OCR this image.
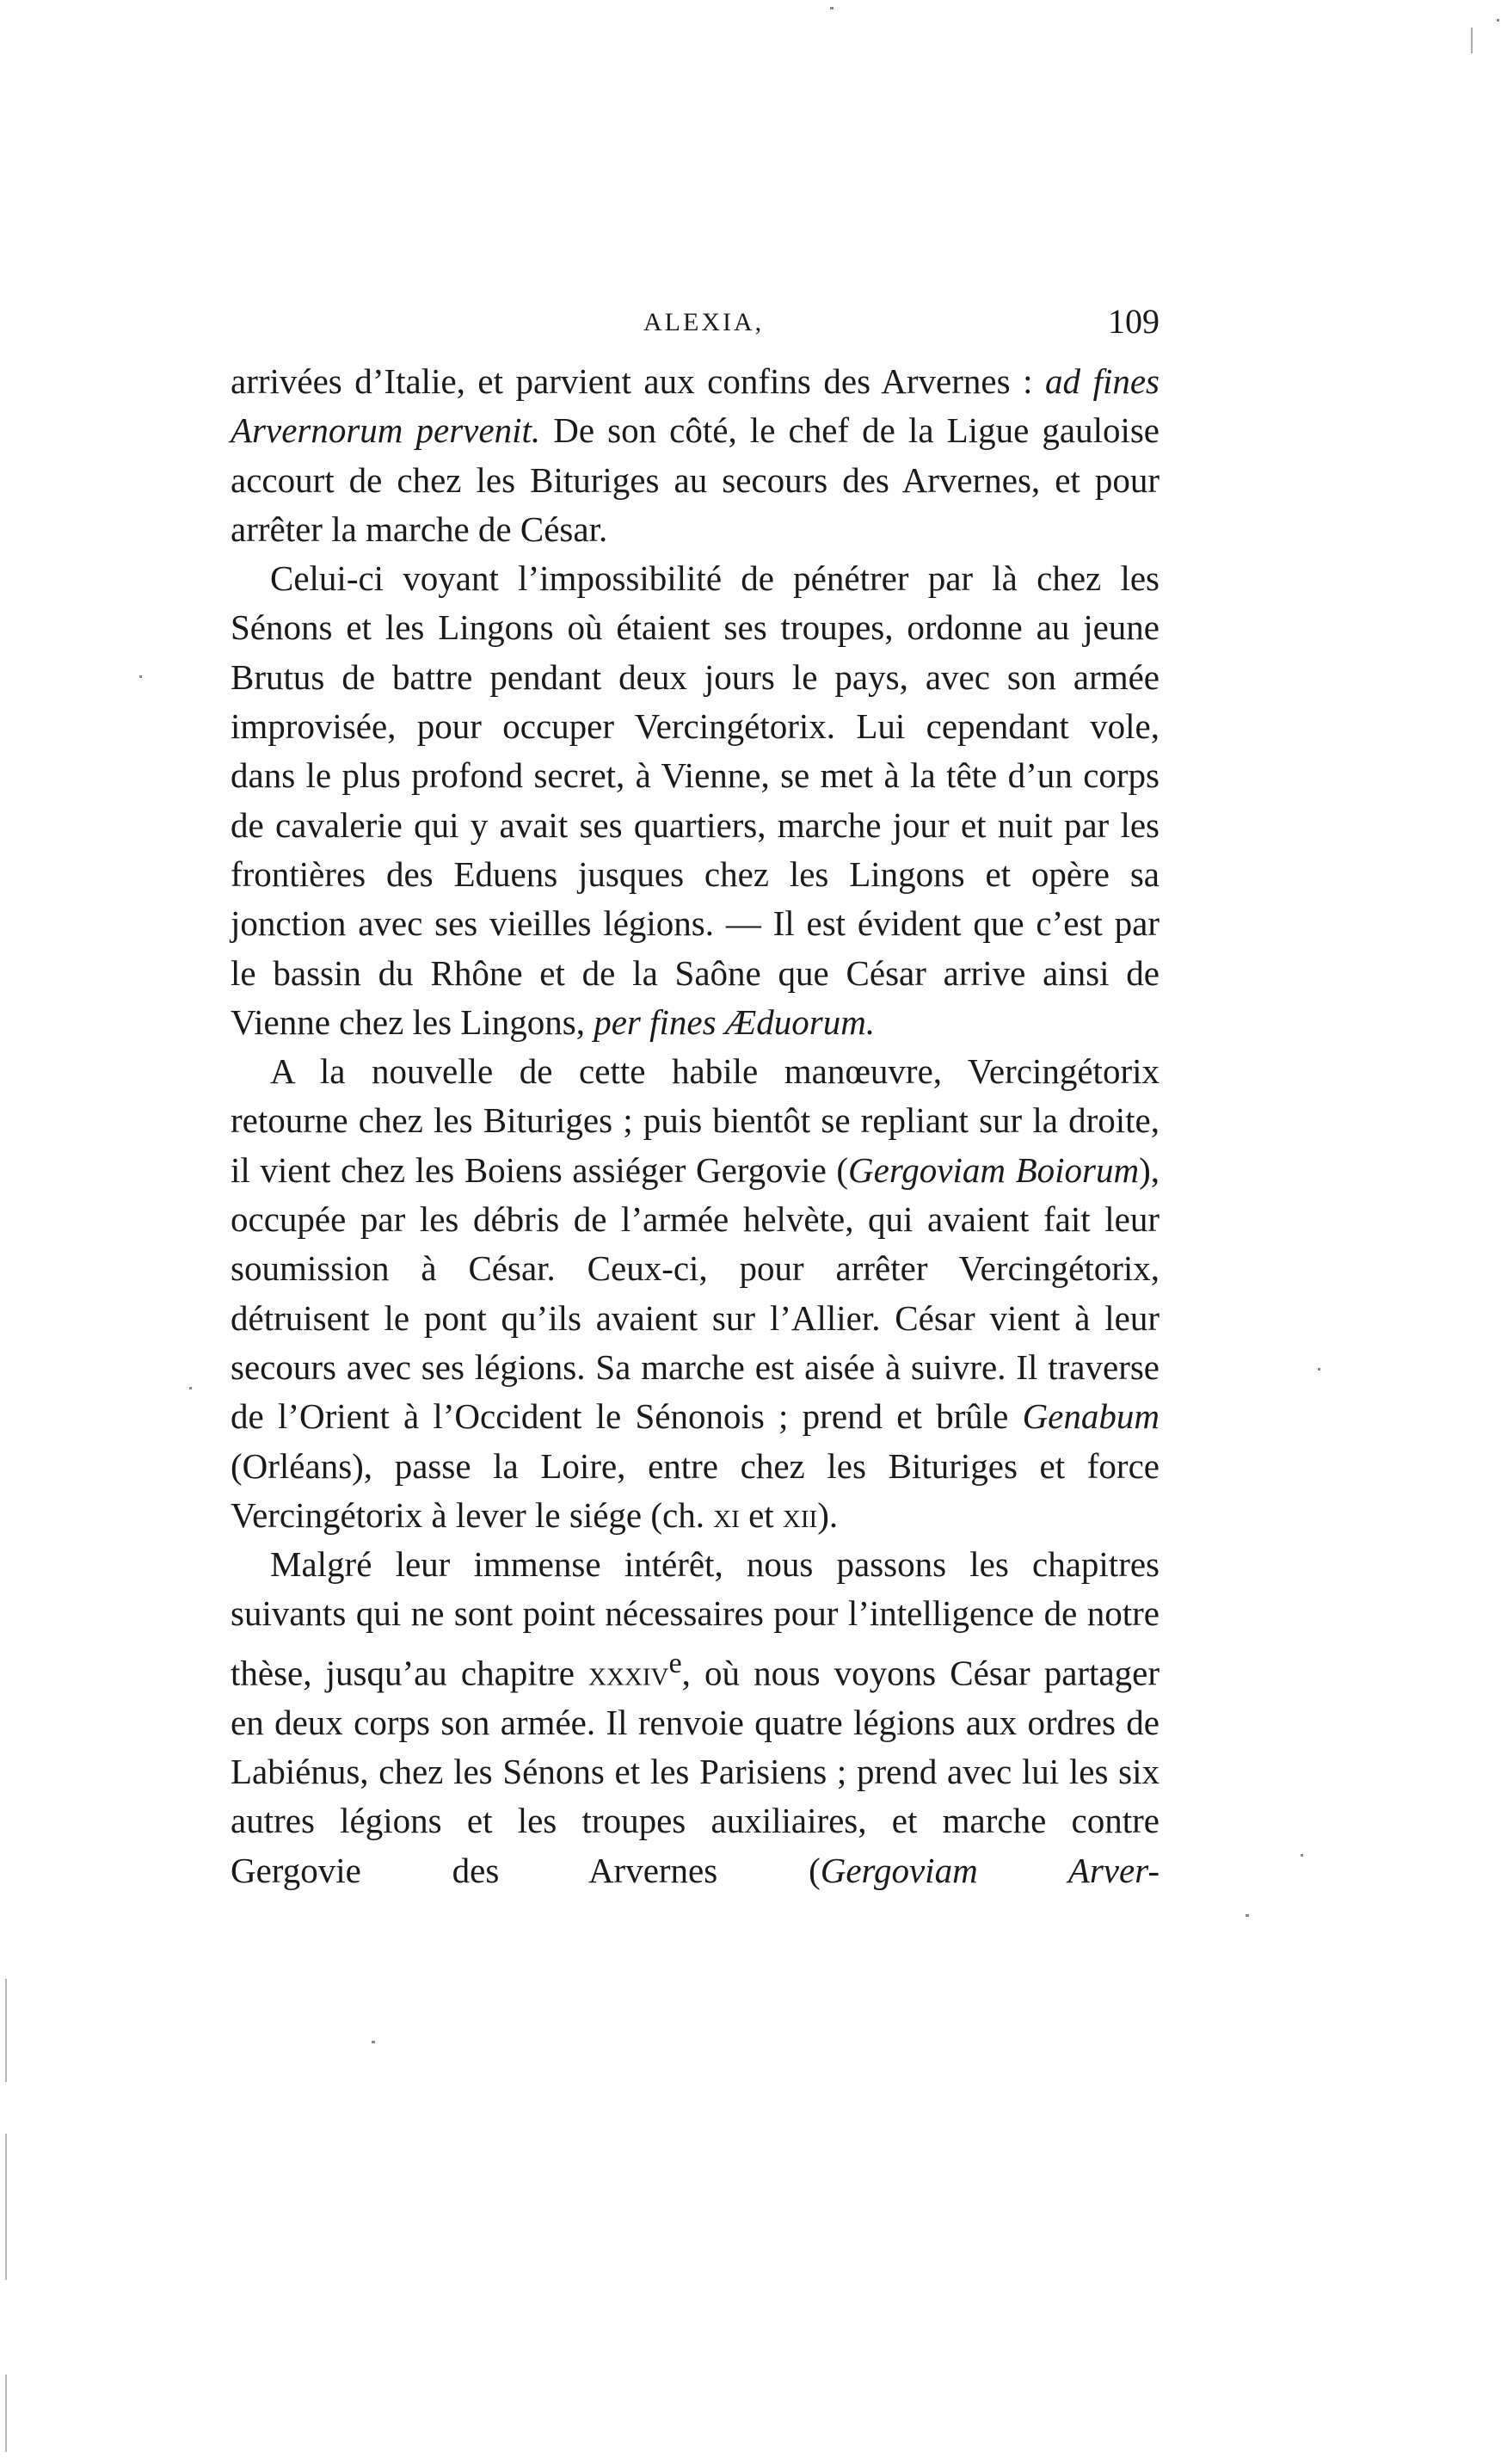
ALEXIA,	109

arrivées d’Italie, et parvient aux confins des Arvernes : ad fines Arvernorum pervenit. De son côté, le chef de la Ligue gauloise accourt de chez les Bituriges au secours des Arvernes, et pour arrêter la marche de César.

Celui-ci voyant l’impossibilité de pénétrer par là chez les Sénons et les Lingons où étaient ses troupes, ordonne au jeune Brutus de battre pendant deux jours le pays, avec son armée improvisée, pour occuper Vercingétorix. Lui cependant vole, dans le plus profond secret, à Vienne, se met à la tête d’un corps de cavalerie qui y avait ses quartiers, marche jour et nuit par les frontières des Eduens jusques chez les Lingons et opère sa jonction avec ses vieilles légions. — Il est évident que c’est par le bassin du Rhône et de la Saône que César arrive ainsi de Vienne chez les Lingons, per fines Æduorum.

A la nouvelle de cette habile manœuvre, Vercingétorix retourne chez les Bituriges ; puis bientôt se repliant sur la droite, il vient chez les Boiens assiéger Gergovie (Gergoviam Boiorum), occupée par les débris de l’armée helvète, qui avaient fait leur soumission à César. Ceux-ci, pour arrêter Vercingétorix, détruisent le pont qu’ils avaient sur l’Allier. César vient à leur secours avec ses légions. Sa marche est aisée à suivre. Il traverse de l’Orient à l’Occident le Sénonois ; prend et brûle Genabum (Orléans), passe la Loire, entre chez les Bituriges et force Vercingétorix à lever le siége (ch. xi et xii).

Malgré leur immense intérêt, nous passons les chapitres suivants qui ne sont point nécessaires pour l’intelligence de notre thèse, jusqu’au chapitre xxxiv$^e$, où nous voyons César partager en deux corps son armée. Il renvoie quatre légions aux ordres de Labiénus, chez les Sénons et les Parisiens ; prend avec lui les six autres légions et les troupes auxiliaires, et marche contre Gergovie des Arvernes (Gergoviam Arver-
